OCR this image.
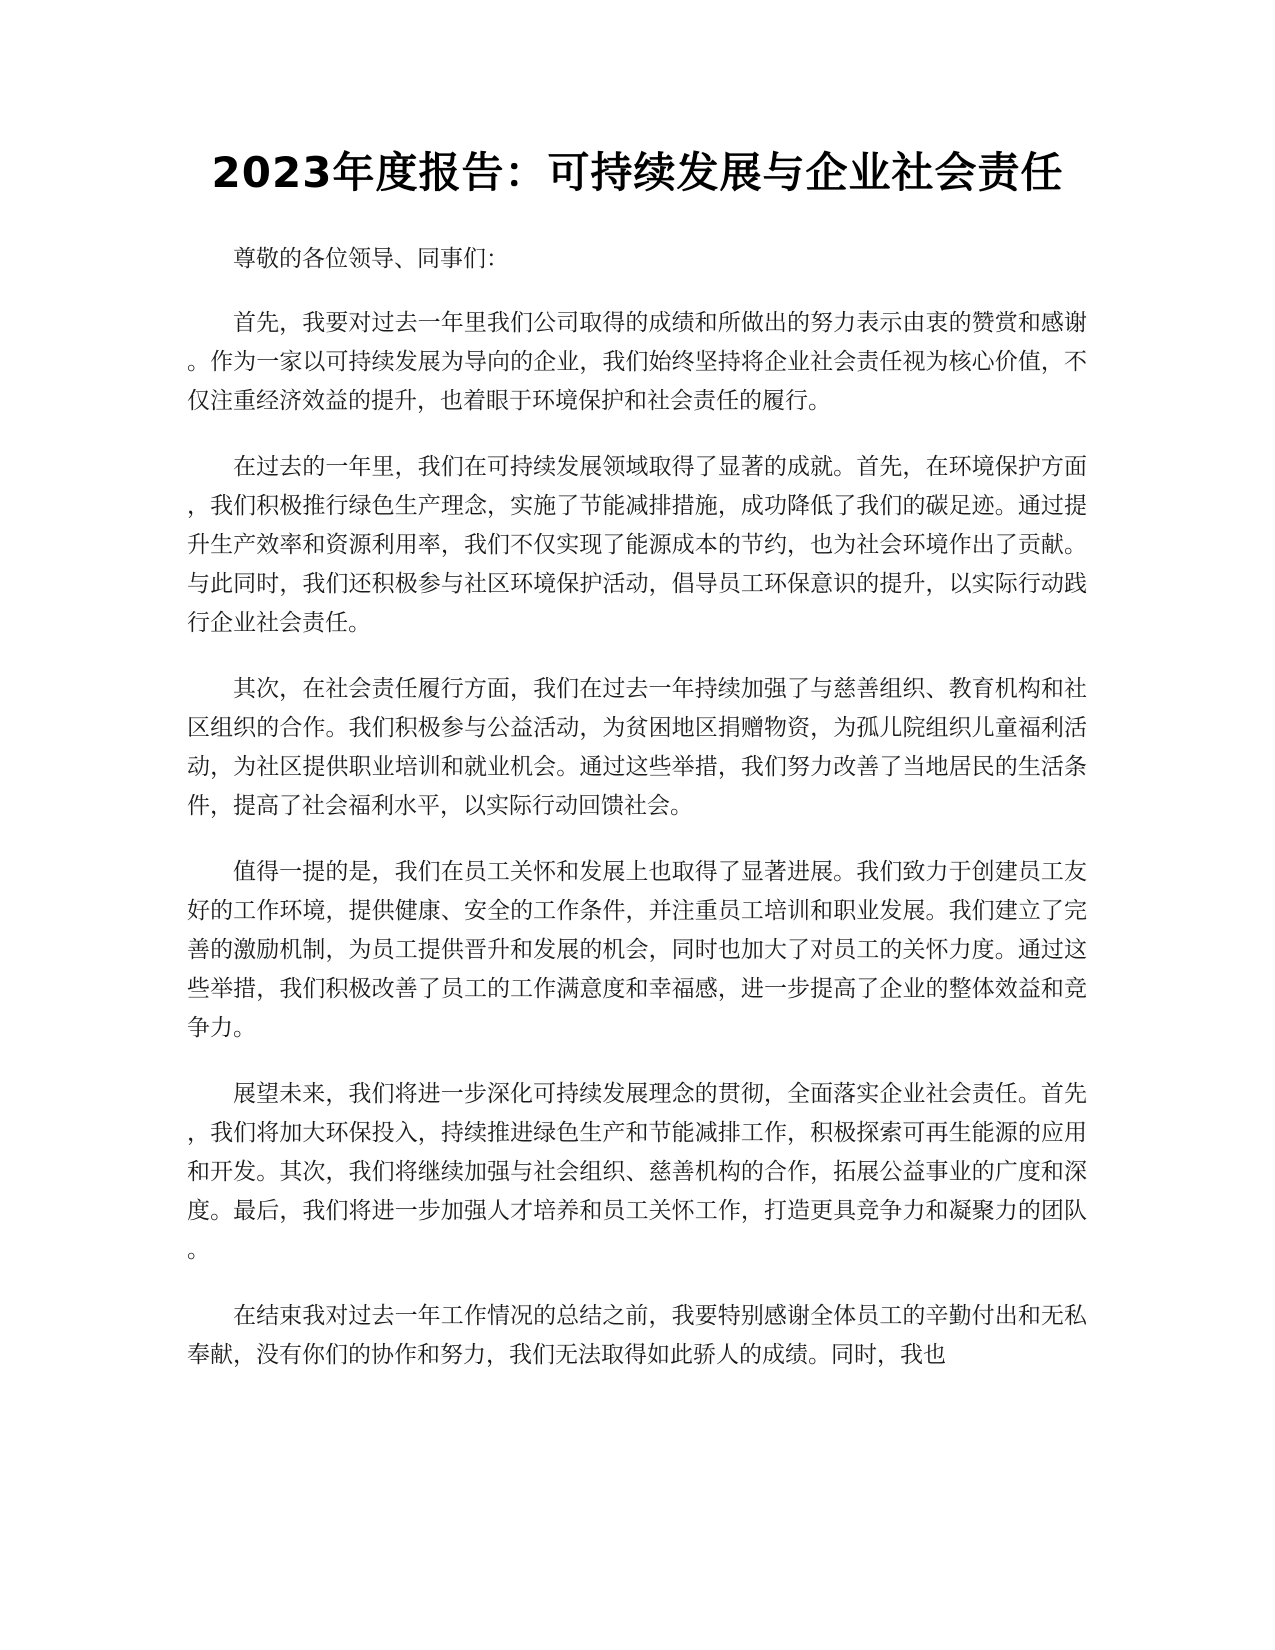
2023年度报告：可持续发展与企业社会责任

尊敬的各位领导、同事们：

首先，我要对过去一年里我们公司取得的成绩和所做出的努力表示由衷的赞赏和感谢。作为一家以可持续发展为导向的企业，我们始终坚持将企业社会责任视为核心价值，不仅注重经济效益的提升，也着眼于环境保护和社会责任的履行。

在过去的一年里，我们在可持续发展领域取得了显著的成就。首先，在环境保护方面，我们积极推行绿色生产理念，实施了节能减排措施，成功降低了我们的碳足迹。通过提升生产效率和资源利用率，我们不仅实现了能源成本的节约，也为社会环境作出了贡献。与此同时，我们还积极参与社区环境保护活动，倡导员工环保意识的提升，以实际行动践行企业社会责任。

其次，在社会责任履行方面，我们在过去一年持续加强了与慈善组织、教育机构和社区组织的合作。我们积极参与公益活动，为贫困地区捐赠物资，为孤儿院组织儿童福利活动，为社区提供职业培训和就业机会。通过这些举措，我们努力改善了当地居民的生活条件，提高了社会福利水平，以实际行动回馈社会。

值得一提的是，我们在员工关怀和发展上也取得了显著进展。我们致力于创建员工友好的工作环境，提供健康、安全的工作条件，并注重员工培训和职业发展。我们建立了完善的激励机制，为员工提供晋升和发展的机会，同时也加大了对员工的关怀力度。通过这些举措，我们积极改善了员工的工作满意度和幸福感，进一步提高了企业的整体效益和竞争力。

展望未来，我们将进一步深化可持续发展理念的贯彻，全面落实企业社会责任。首先，我们将加大环保投入，持续推进绿色生产和节能减排工作，积极探索可再生能源的应用和开发。其次，我们将继续加强与社会组织、慈善机构的合作，拓展公益事业的广度和深度。最后，我们将进一步加强人才培养和员工关怀工作，打造更具竞争力和凝聚力的团队。

在结束我对过去一年工作情况的总结之前，我要特别感谢全体员工的辛勤付出和无私奉献，没有你们的协作和努力，我们无法取得如此骄人的成绩。同时，我也
